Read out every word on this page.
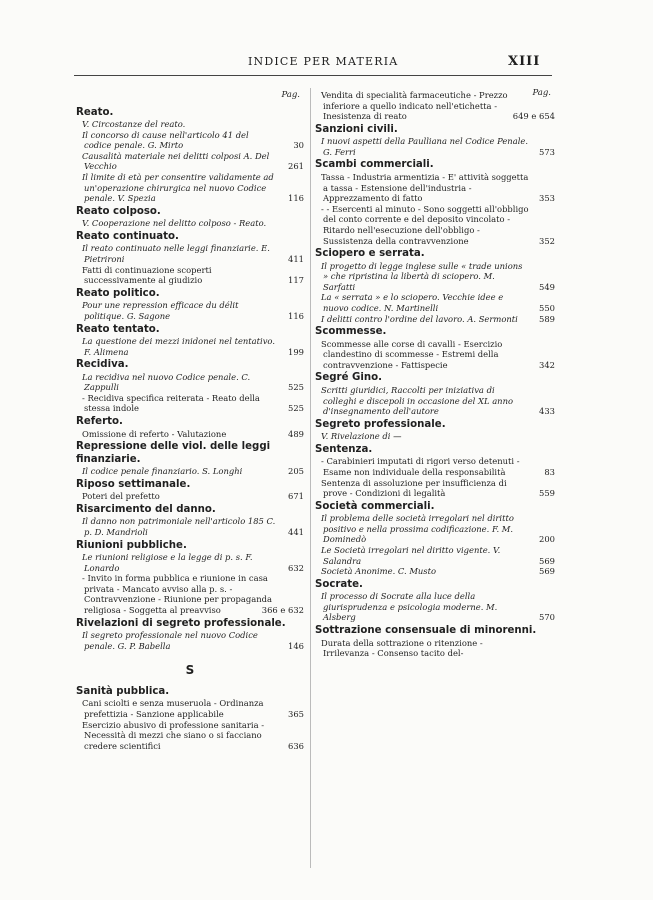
INDICE PER MATERIA	XIII
Pag.
Reato.
V. Circostanze del reato.
Il concorso di cause nell'articolo 41 del codice penale. G. Mirto	30
Causalità materiale nei delitti colposi A. Del Vecchio	261
Il limite di età per consentire validamente ad un'operazione chirurgica nel nuovo Codice penale. V. Spezia	116
Reato colposo.
V. Cooperazione nel delitto colposo - Reato.
Reato continuato.
Il reato continuato nelle leggi finanziarie. E. Pietrironi	411
Fatti di continuazione scoperti successivamente al giudizio	117
Reato politico.
Pour une repression efficace du délit politique. G. Sagone	116
Reato tentato.
La questione dei mezzi inidonei nel tentativo. F. Alimena	199
Recidiva.
La recidiva nel nuovo Codice penale. C. Zappulli	525
- Recidiva specifica reiterata - Reato della stessa indole	525
Referto.
Omissione di referto - Valutazione	489
Repressione delle viol. delle leggi finanziarie.
Il codice penale finanziario. S. Longhi	205
Riposo settimanale.
Poteri del prefetto	671
Risarcimento del danno.
Il danno non patrimoniale nell'articolo 185 C. p. D. Mandrioli	441
Riunioni pubbliche.
Le riunioni religiose e la legge di p. s. F. Lonardo	632
- Invito in forma pubblica e riunione in casa privata - Mancato avviso alla p. s. - Contravvenzione - Riunione per propaganda religiosa - Soggetta al preavviso	366 e 632
Rivelazioni di segreto professionale.
Il segreto professionale nel nuovo Codice penale. G. P. Babella	146
S
Sanità pubblica.
Cani sciolti e senza museruola - Ordinanza prefettizia - Sanzione applicabile	365
Esercizio abusivo di professione sanitaria - Necessità di mezzi che siano o si facciano credere scientifici	636
Vendita di specialità farmaceutiche - Prezzo inferiore a quello indicato nell'etichetta - Inesistenza di reato	649 e 654
Sanzioni civili.
I nuovi aspetti della Paulliana nel Codice Penale. G. Ferri	573
Scambi commerciali.
Tassa - Industria armentizia - E' attività soggetta a tassa - Estensione dell'industria - Apprezzamento di fatto	353
- - Esercenti al minuto - Sono soggetti all'obbligo del conto corrente e del deposito vincolato - Ritardo nell'esecuzione dell'obbligo - Sussistenza della contravvenzione	352
Sciopero e serrata.
Il progetto di legge inglese sulle « trade unions » che ripristina la libertà di sciopero. M. Sarfatti	549
La « serrata » e lo sciopero. Vecchie idee e nuovo codice. N. Martinelli	550
I delitti contro l'ordine del lavoro. A. Sermonti	589
Scommesse.
Scommesse alle corse di cavalli - Esercizio clandestino di scommesse - Estremi della contravvenzione - Fattispecie	342
Segré Gino.
Scritti giuridici, Raccolti per iniziativa di colleghi e discepoli in occasione del XL anno d'insegnamento dell'autore	433
Segreto professionale.
V. Rivelazione di —
Sentenza.
- Carabinieri imputati di rigori verso detenuti - Esame non individuale della responsabilità	83
Sentenza di assoluzione per insufficienza di prove - Condizioni di legalità	559
Società commerciali.
Il problema delle società irregolari nel diritto positivo e nella prossima codificazione. F. M. Dominedò	200
Le Società irregolari nel diritto vigente. V. Salandra	569
Società Anonime. C. Musto	569
Socrate.
Il processo di Socrate alla luce della giurisprudenza e psicologia moderne. M. Alsberg	570
Sottrazione consensuale di minorenni.
Durata della sottrazione o ritenzione - Irrilevanza - Consenso tacito del-
Pag.
